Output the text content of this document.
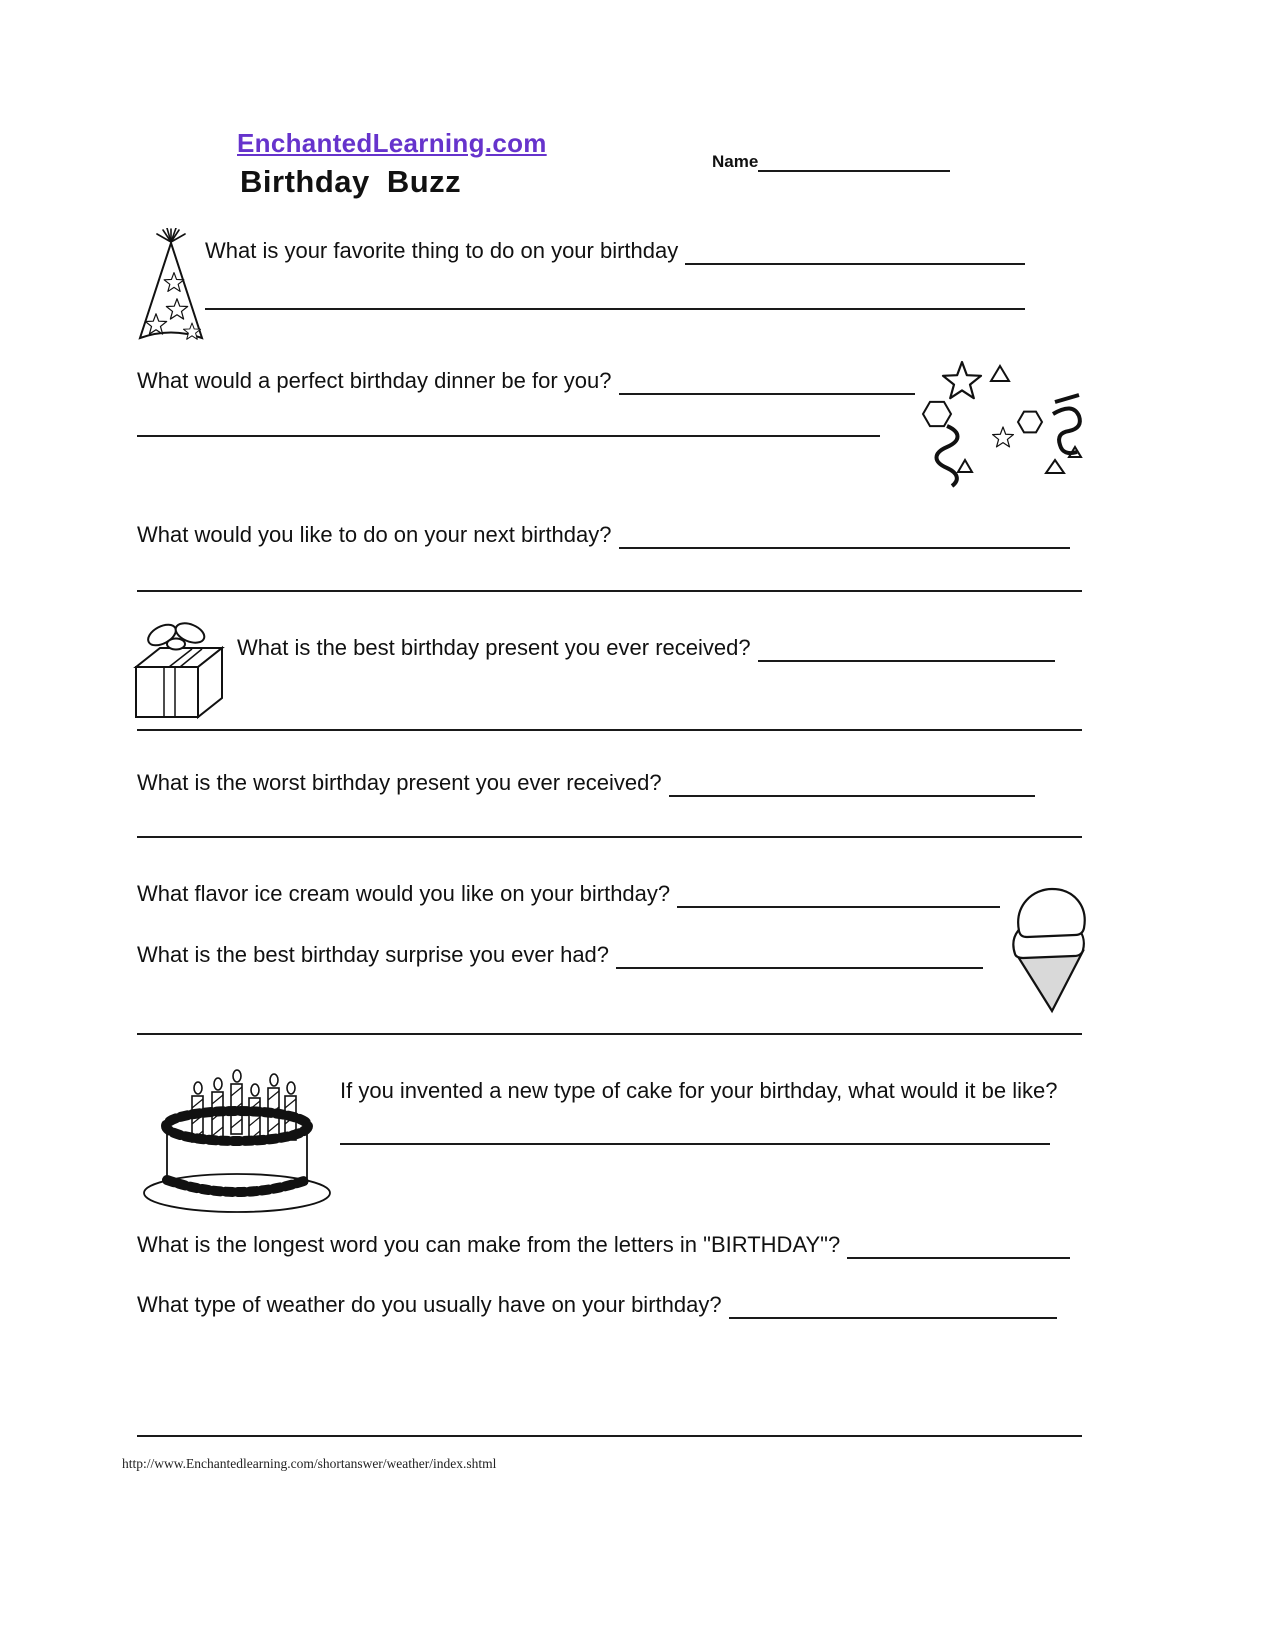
EnchantedLearning.com
Birthday Buzz
Name
What is your favorite thing to do on your birthday
What would a perfect birthday dinner be for you?
What would you like to do on your next birthday?
What is the best birthday present you ever received?
What is the worst birthday present you ever received?
What flavor ice cream would you like on your birthday?
What is the best birthday surprise you ever had?
If you invented a new type of cake for your birthday, what would it be like?
What is the longest word you can make from the letters in "BIRTHDAY"?
What type of weather do you usually have on your birthday?
http://www.Enchantedlearning.com/shortanswer/weather/index.shtml
